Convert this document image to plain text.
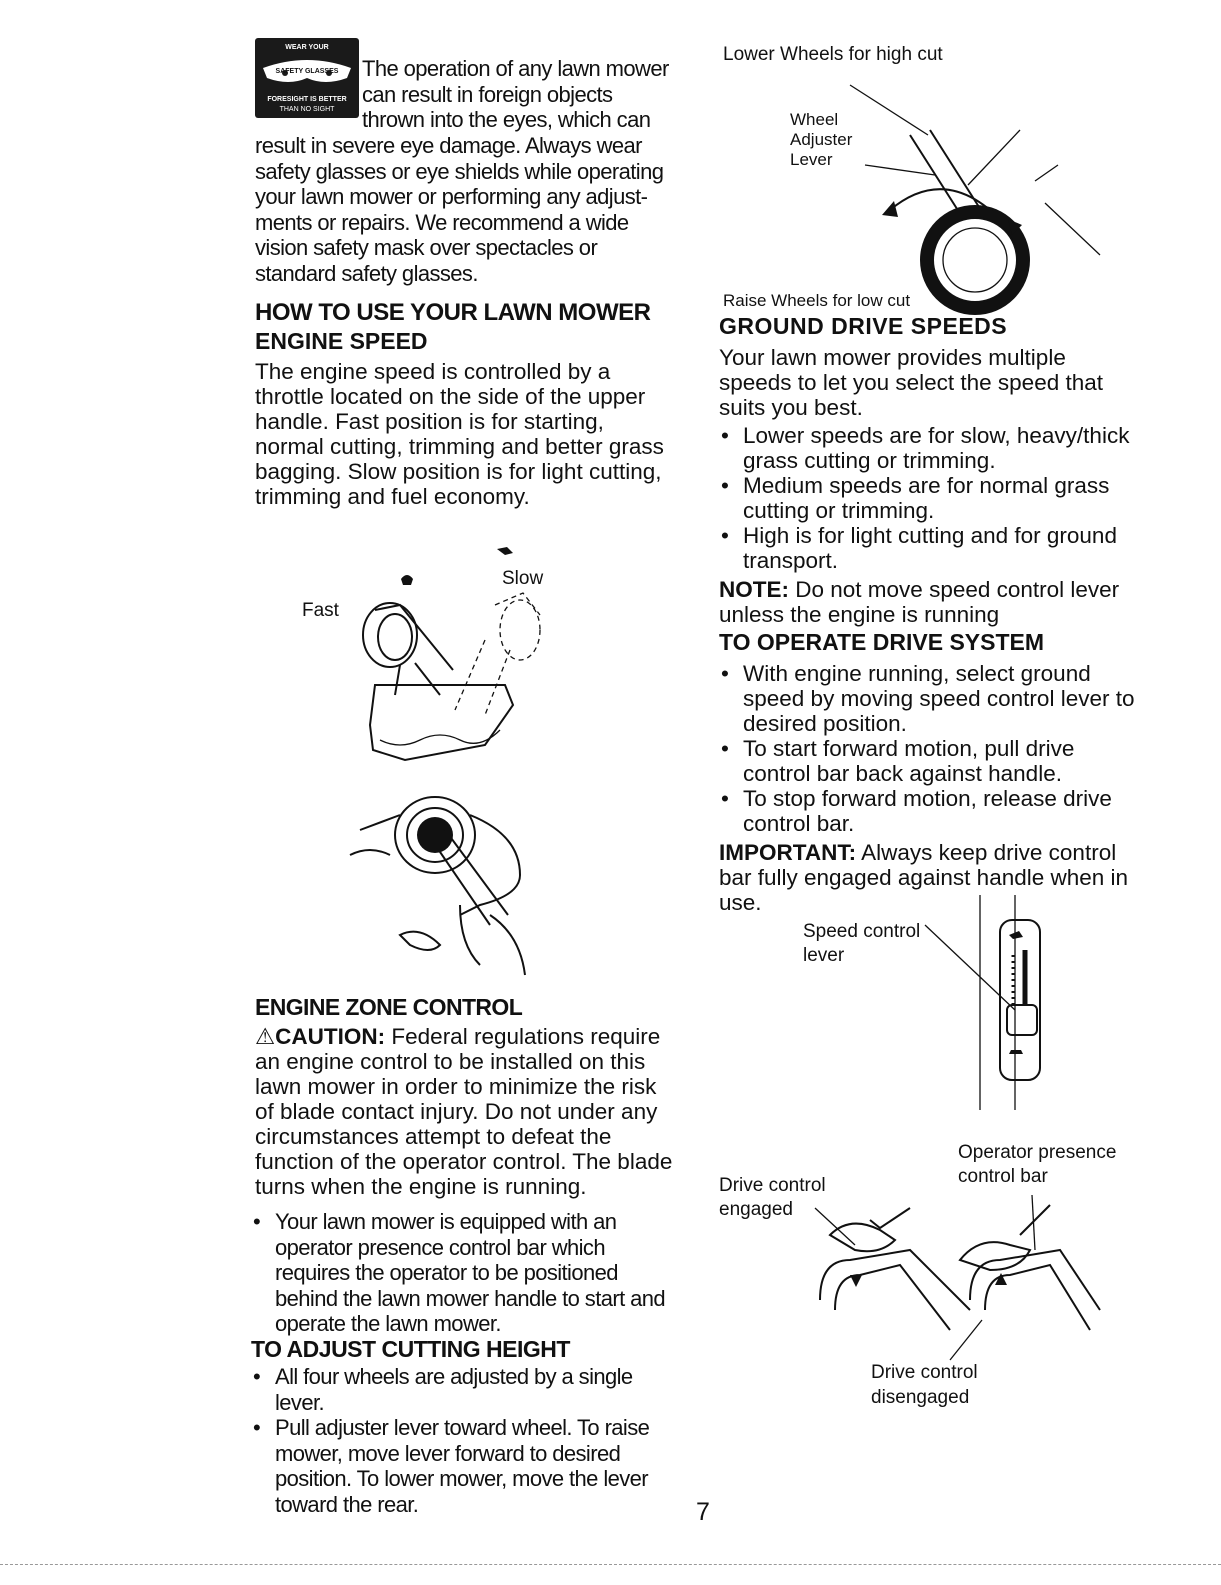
WEAR YOUR
SAFETY GLASSES
FORESIGHT IS BETTER
THAN NO SIGHT
The operation of any lawn mower
can result in foreign objects
thrown into the eyes, which can
result in severe eye damage. Always wear
safety glasses or eye shields while operating
your lawn mower or performing any adjust-
ments or repairs. We recommend a wide
vision safety mask over spectacles or
standard safety glasses.
HOW TO USE YOUR LAWN MOWER
ENGINE SPEED
The engine speed is controlled by a
throttle located on the side of the upper
handle. Fast position is for starting,
normal cutting, trimming and better grass
bagging. Slow position is for light cutting,
trimming and fuel economy.
Fast
Slow
ENGINE ZONE CONTROL
⚠CAUTION: Federal regulations require
an engine control to be installed on this
lawn mower in order to minimize the risk
of blade contact injury. Do not under any
circumstances attempt to defeat the
function of the operator control. The blade
turns when the engine is running.
• Your lawn mower is equipped with an
operator presence control bar which
requires the operator to be positioned
behind the lawn mower handle to start and
operate the lawn mower.
TO ADJUST CUTTING HEIGHT
• All four wheels are adjusted by a single
lever.
• Pull adjuster lever toward wheel. To raise
mower, move lever forward to desired
position. To lower mower, move the lever
toward the rear.
Lower Wheels for high cut
Wheel
Adjuster
Lever
Raise Wheels for low cut
GROUND DRIVE SPEEDS
Your lawn mower provides multiple
speeds to let you select the speed that
suits you best.
• Lower speeds are for slow, heavy/thick
grass cutting or trimming.
• Medium speeds are for normal grass
cutting or trimming.
• High is for light cutting and for ground
transport.
NOTE: Do not move speed control lever
unless the engine is running
TO OPERATE DRIVE SYSTEM
• With engine running, select ground
speed by moving speed control lever to
desired position.
• To start forward motion, pull drive
control bar back against handle.
• To stop forward motion, release drive
control bar.
IMPORTANT: Always keep drive control
bar fully engaged against handle when in
use.
Speed control
lever
Operator presence
control bar
Drive control
engaged
Drive control
disengaged
7
